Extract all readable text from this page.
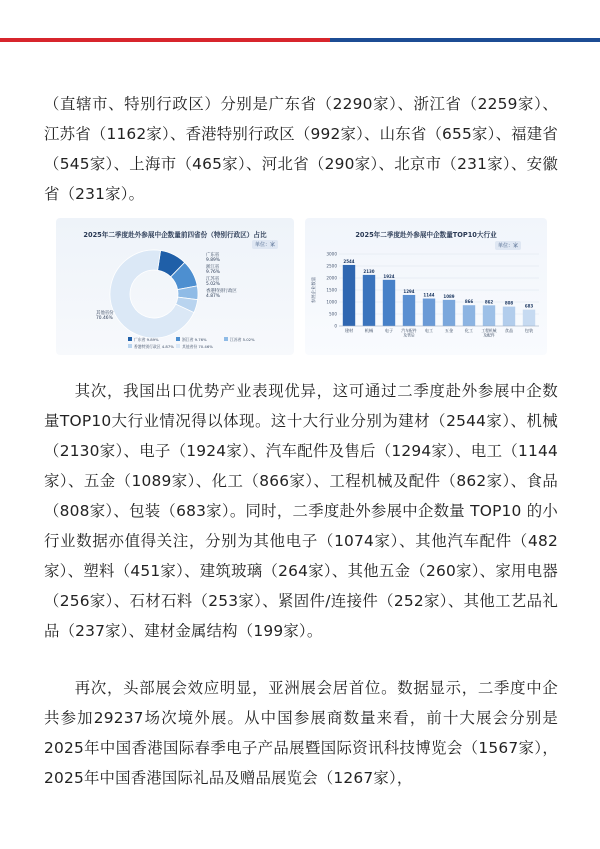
（直辖市、特别行政区）分别是广东省（2290家）、浙江省（2259家）、江苏省（1162家）、香港特别行政区（992家）、山东省（655家）、福建省（545家）、上海市（465家）、河北省（290家）、北京市（231家）、安徽省（231家）。

2025年二季度赴外参展中企数量前四省份（特别行政区）占比
单位：家
广东省
9.89%
浙江省
9.76%
江苏省
5.02%
香港特别行政区
4.87%
其他省份
70.46%
广东省 9.89%	浙江省 9.76%	江苏省 5.02%
香港特别行政区 4.87% 其他省份 70.46%
2025年二季度赴外参展中企数量TOP10大行业
单位：家
0
500
1000
1500
2000
2500
3000
参展企业数量
2544
建材
2130
机械
1924
电子
1294
汽车配件
及售后
1144
电工
1089
五金
866
化工
862
工程机械
及配件
808
食品
683
包装

其次，我国出口优势产业表现优异，这可通过二季度赴外参展中企数量TOP10大行业情况得以体现。这十大行业分别为建材（2544家）、机械（2130家）、电子（1924家）、汽车配件及售后（1294家）、电工（1144家）、五金（1089家）、化工（866家）、工程机械及配件（862家）、食品（808家）、包装（683家）。同时，二季度赴外参展中企数量 TOP10 的小行业数据亦值得关注，分别为其他电子（1074家）、其他汽车配件（482家）、塑料（451家）、建筑玻璃（264家）、其他五金（260家）、家用电器（256家）、石材石料（253家）、紧固件/连接件（252家）、其他工艺品礼品（237家）、建材金属结构（199家）。

再次，头部展会效应明显，亚洲展会居首位。数据显示，二季度中企共参加29237场次境外展。从中国参展商数量来看，前十大展会分别是2025年中国香港国际春季电子产品展暨国际资讯科技博览会（1567家），2025年中国香港国际礼品及赠品展览会（1267家），
